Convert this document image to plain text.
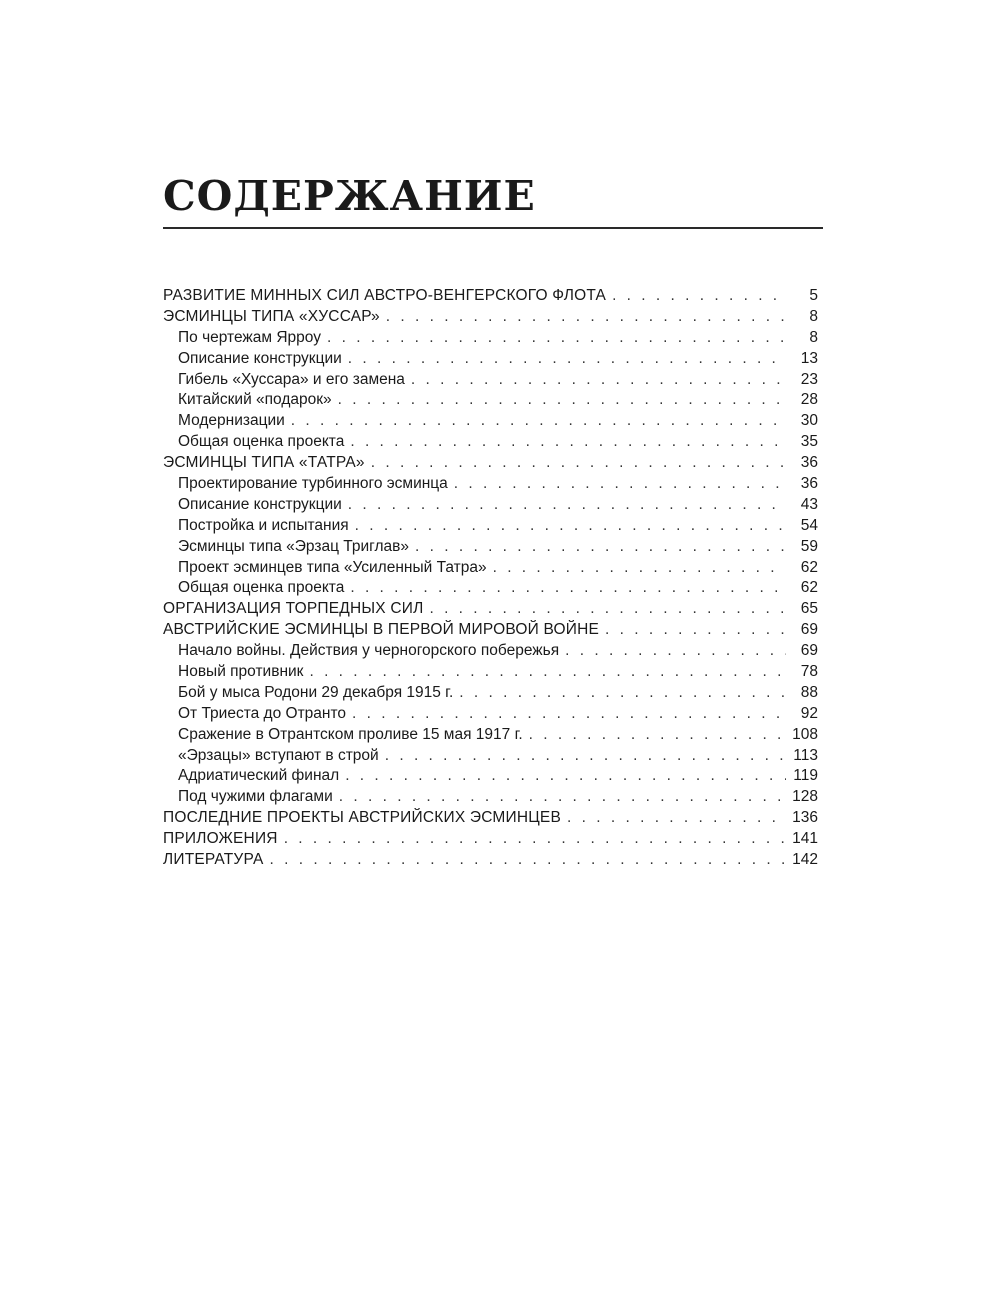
СОДЕРЖАНИЕ
РАЗВИТИЕ МИННЫХ СИЛ АВСТРО-ВЕНГЕРСКОГО ФЛОТА . . .	5
ЭСМИНЦЫ ТИПА «ХУССАР» . . .	8
По чертежам Ярроу . . .	8
Описание конструкции . . .	13
Гибель «Хуссара» и его замена . . .	23
Китайский «подарок» . . .	28
Модернизации . . .	30
Общая оценка проекта . . .	35
ЭСМИНЦЫ ТИПА «ТАТРА» . . .	36
Проектирование турбинного эсминца . . .	36
Описание конструкции . . .	43
Постройка и испытания . . .	54
Эсминцы типа «Эрзац Триглав» . . .	59
Проект эсминцев типа «Усиленный Татра» . . .	62
Общая оценка проекта . . .	62
ОРГАНИЗАЦИЯ ТОРПЕДНЫХ СИЛ . . .	65
АВСТРИЙСКИЕ ЭСМИНЦЫ В ПЕРВОЙ МИРОВОЙ ВОЙНЕ . . .	69
Начало войны. Действия у черногорского побережья . . .	69
Новый противник . . .	78
Бой у мыса Родони 29 декабря 1915 г. . . .	88
От Триеста до Отранто . . .	92
Сражение в Отрантском проливе 15 мая 1917 г. . . .	108
«Эрзацы» вступают в строй . . .	113
Адриатический финал . . .	119
Под чужими флагами . . .	128
ПОСЛЕДНИЕ ПРОЕКТЫ АВСТРИЙСКИХ ЭСМИНЦЕВ . . .	136
ПРИЛОЖЕНИЯ . . .	141
ЛИТЕРАТУРА . . .	142
